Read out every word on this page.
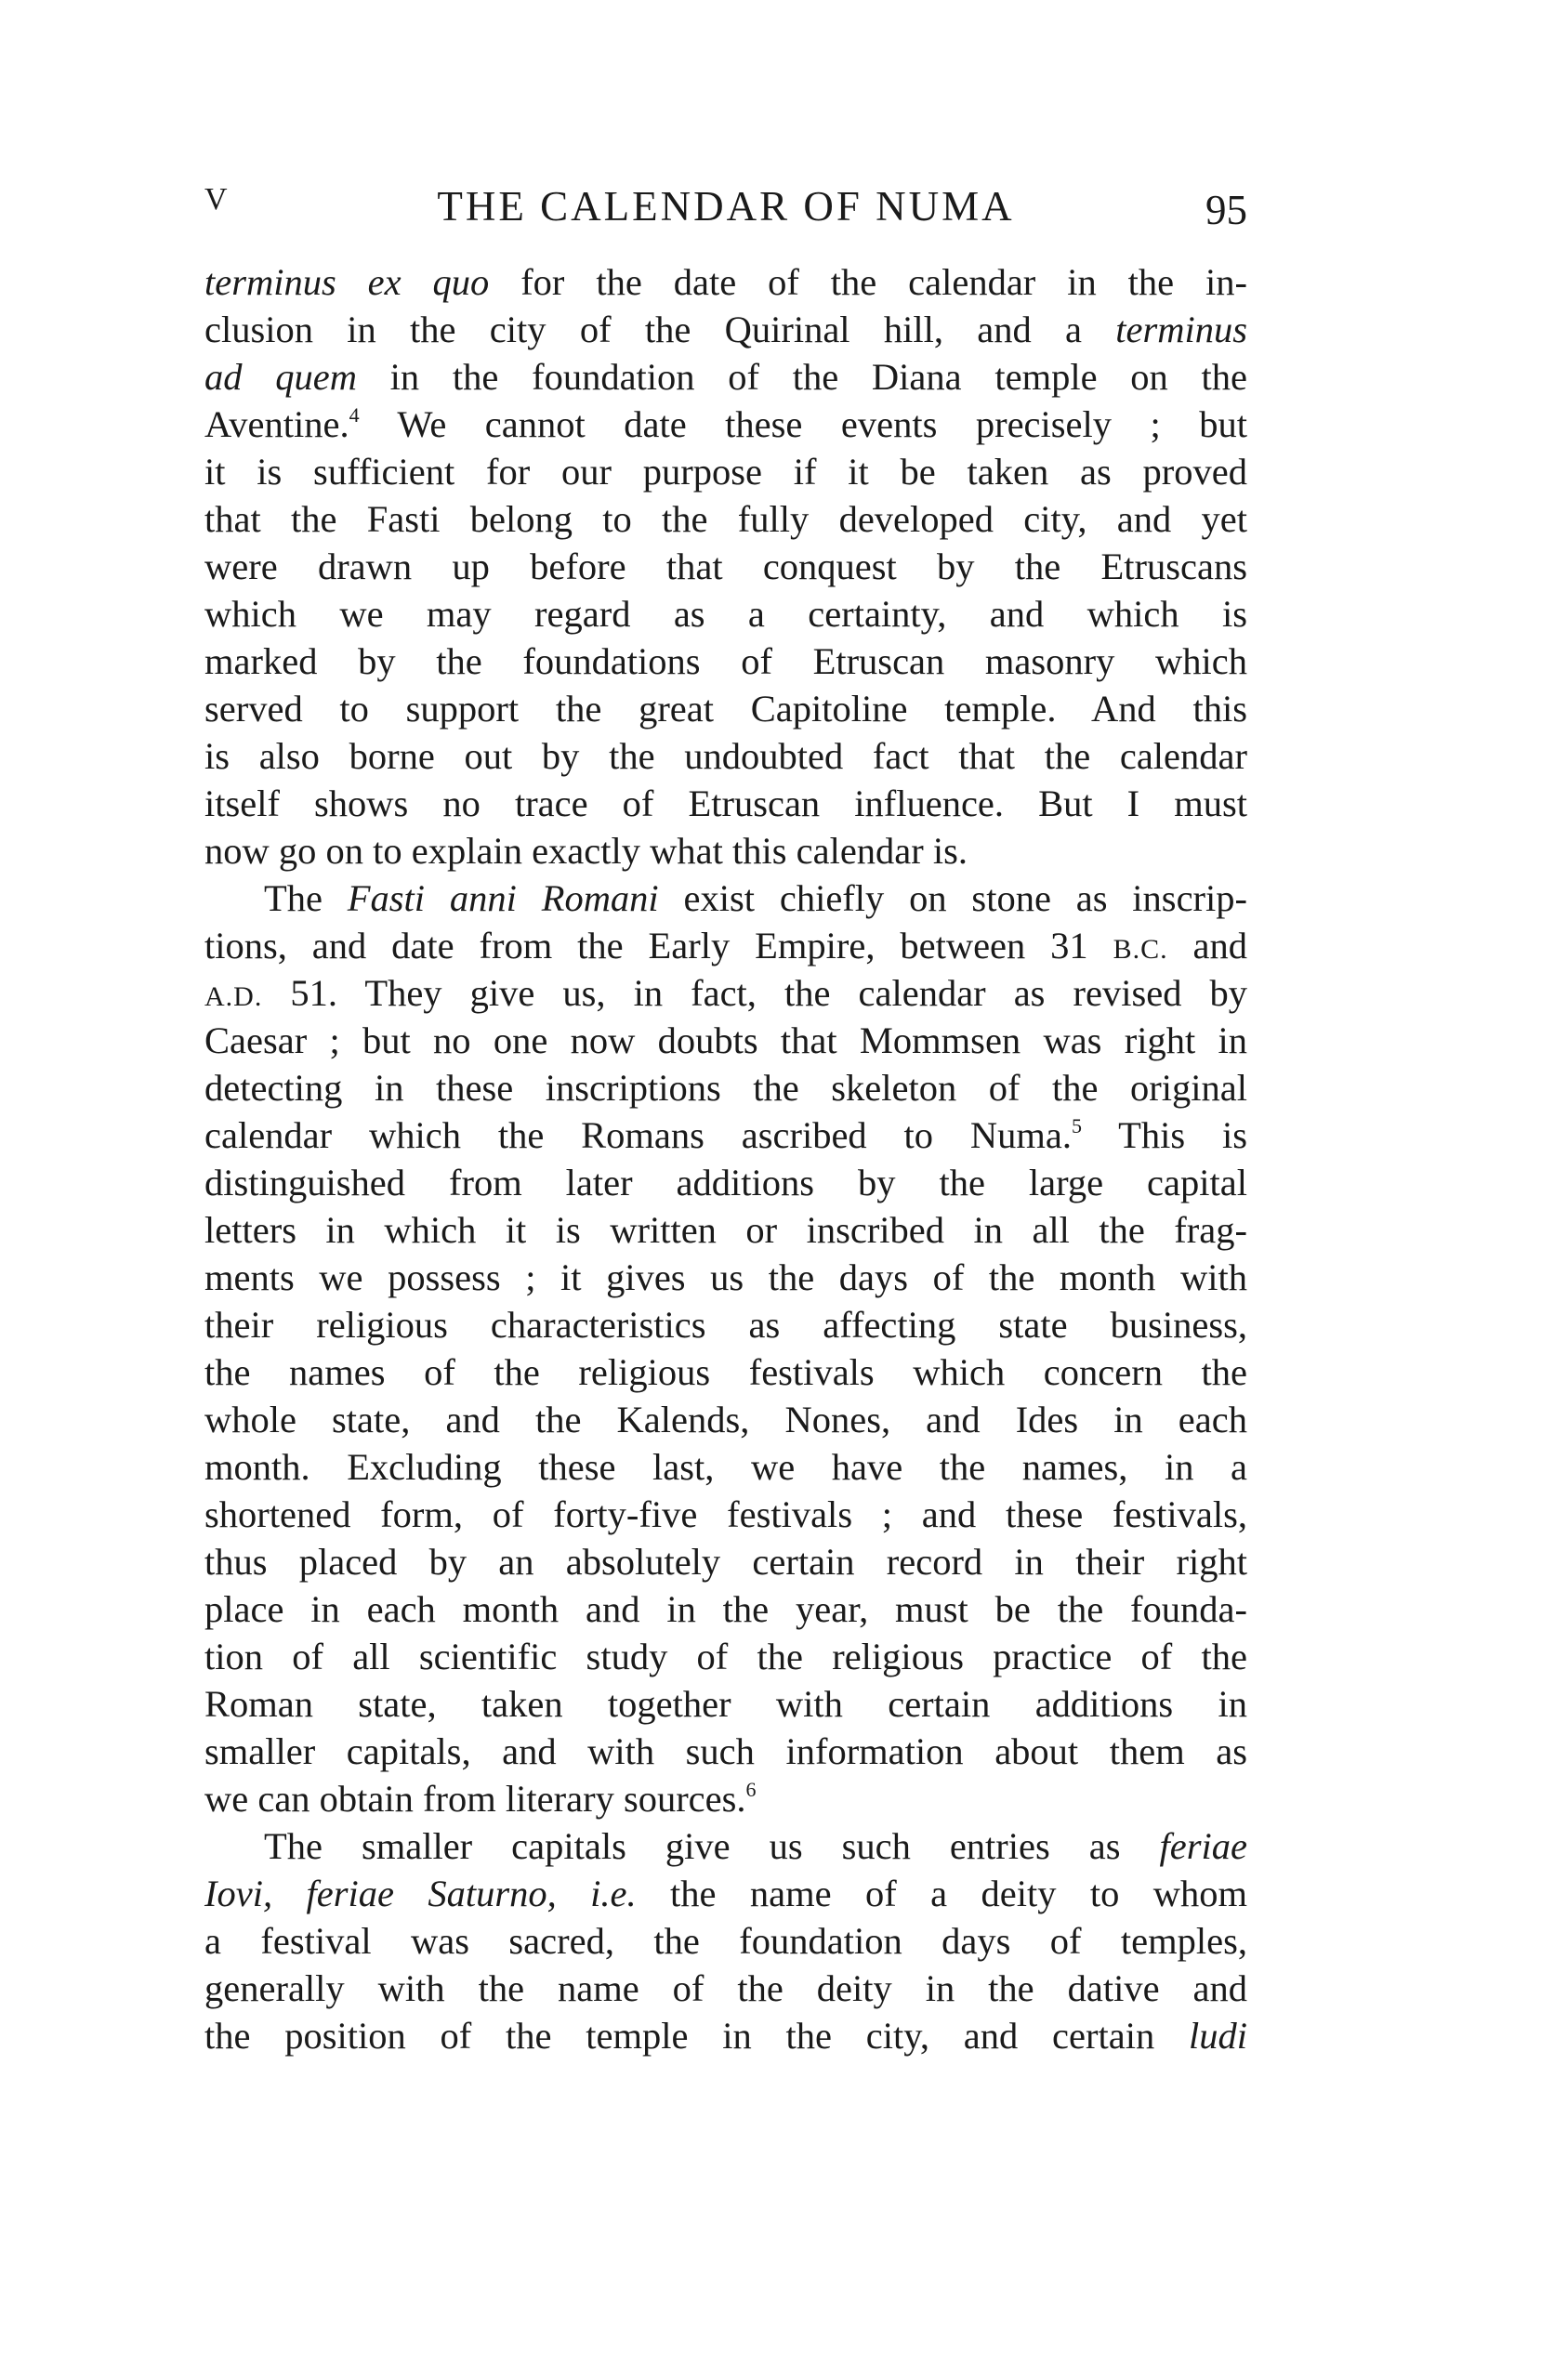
V	THE CALENDAR OF NUMA	95
terminus ex quo for the date of the calendar in the in-
clusion in the city of the Quirinal hill, and a terminus
ad quem in the foundation of the Diana temple on the
Aventine.$^4$ We cannot date these events precisely ; but
it is sufficient for our purpose if it be taken as proved
that the Fasti belong to the fully developed city, and yet
were drawn up before that conquest by the Etruscans
which we may regard as a certainty, and which is
marked by the foundations of Etruscan masonry which
served to support the great Capitoline temple. And this
is also borne out by the undoubted fact that the calendar
itself shows no trace of Etruscan influence. But I must
now go on to explain exactly what this calendar is.
The Fasti anni Romani exist chiefly on stone as inscrip-
tions, and date from the Early Empire, between 31 B.C. and
A.D. 51. They give us, in fact, the calendar as revised by
Caesar ; but no one now doubts that Mommsen was right in
detecting in these inscriptions the skeleton of the original
calendar which the Romans ascribed to Numa.$^5$ This is
distinguished from later additions by the large capital
letters in which it is written or inscribed in all the frag-
ments we possess ; it gives us the days of the month with
their religious characteristics as affecting state business,
the names of the religious festivals which concern the
whole state, and the Kalends, Nones, and Ides in each
month. Excluding these last, we have the names, in a
shortened form, of forty-five festivals ; and these festivals,
thus placed by an absolutely certain record in their right
place in each month and in the year, must be the founda-
tion of all scientific study of the religious practice of the
Roman state, taken together with certain additions in
smaller capitals, and with such information about them as
we can obtain from literary sources.$^6$
The smaller capitals give us such entries as feriae
Iovi, feriae Saturno, i.e. the name of a deity to whom
a festival was sacred, the foundation days of temples,
generally with the name of the deity in the dative and
the position of the temple in the city, and certain ludi
